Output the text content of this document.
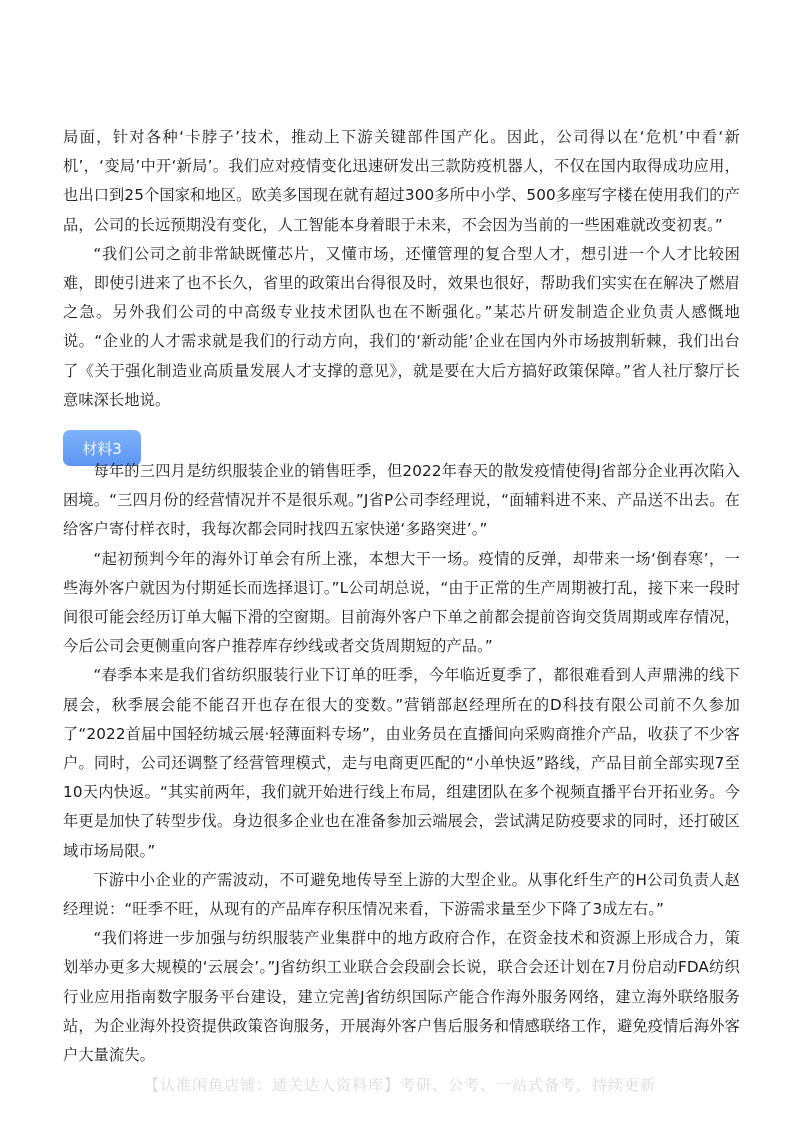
局面，针对各种‘卡脖子’技术，推动上下游关键部件国产化。因此，公司得以在‘危机’中看‘新机’，‘变局’中开‘新局’。我们应对疫情变化迅速研发出三款防疫机器人，不仅在国内取得成功应用，也出口到25个国家和地区。欧美多国现在就有超过300多所中小学、500多座写字楼在使用我们的产品，公司的长远预期没有变化，人工智能本身着眼于未来，不会因为当前的一些困难就改变初衷。”

“我们公司之前非常缺既懂芯片，又懂市场，还懂管理的复合型人才，想引进一个人才比较困难，即使引进来了也不长久，省里的政策出台得很及时，效果也很好，帮助我们实实在在解决了燃眉之急。另外我们公司的中高级专业技术团队也在不断强化。”某芯片研发制造企业负责人感慨地说。“企业的人才需求就是我们的行动方向，我们的‘新动能’企业在国内外市场披荆斩棘，我们出台了《关于强化制造业高质量发展人才支撑的意见》，就是要在大后方搞好政策保障。”省人社厅黎厅长意味深长地说。

材料3

每年的三四月是纺织服装企业的销售旺季，但2022年春天的散发疫情使得J省部分企业再次陷入困境。“三四月份的经营情况并不是很乐观。”J省P公司李经理说，“面辅料进不来、产品送不出去。在给客户寄付样衣时，我每次都会同时找四五家快递‘多路突进’。”

“起初预判今年的海外订单会有所上涨，本想大干一场。疫情的反弹，却带来一场‘倒春寒’，一些海外客户就因为付期延长而选择退订。”L公司胡总说，“由于正常的生产周期被打乱，接下来一段时间很可能会经历订单大幅下滑的空窗期。目前海外客户下单之前都会提前咨询交货周期或库存情况，今后公司会更侧重向客户推荐库存纱线或者交货周期短的产品。”

“春季本来是我们省纺织服装行业下订单的旺季，今年临近夏季了，都很难看到人声鼎沸的线下展会，秋季展会能不能召开也存在很大的变数。”营销部赵经理所在的D科技有限公司前不久参加了“2022首届中国轻纺城云展·轻薄面料专场”，由业务员在直播间向采购商推介产品，收获了不少客户。同时，公司还调整了经营管理模式，走与电商更匹配的“小单快返”路线，产品目前全部实现7至10天内快返。“其实前两年，我们就开始进行线上布局，组建团队在多个视频直播平台开拓业务。今年更是加快了转型步伐。身边很多企业也在准备参加云端展会，尝试满足防疫要求的同时，还打破区域市场局限。”

下游中小企业的产需波动，不可避免地传导至上游的大型企业。从事化纤生产的H公司负责人赵经理说：“旺季不旺，从现有的产品库存积压情况来看，下游需求量至少下降了3成左右。”

“我们将进一步加强与纺织服装产业集群中的地方政府合作，在资金技术和资源上形成合力，策划举办更多大规模的‘云展会’。”J省纺织工业联合会段副会长说，联合会还计划在7月份启动FDA纺织行业应用指南数字服务平台建设，建立完善J省纺织国际产能合作海外服务网络，建立海外联络服务站，为企业海外投资提供政策咨询服务，开展海外客户售后服务和情感联络工作，避免疫情后海外客户大量流失。

【认准闲鱼店铺：通关达人资料库】考研、公考、一站式备考，持续更新
